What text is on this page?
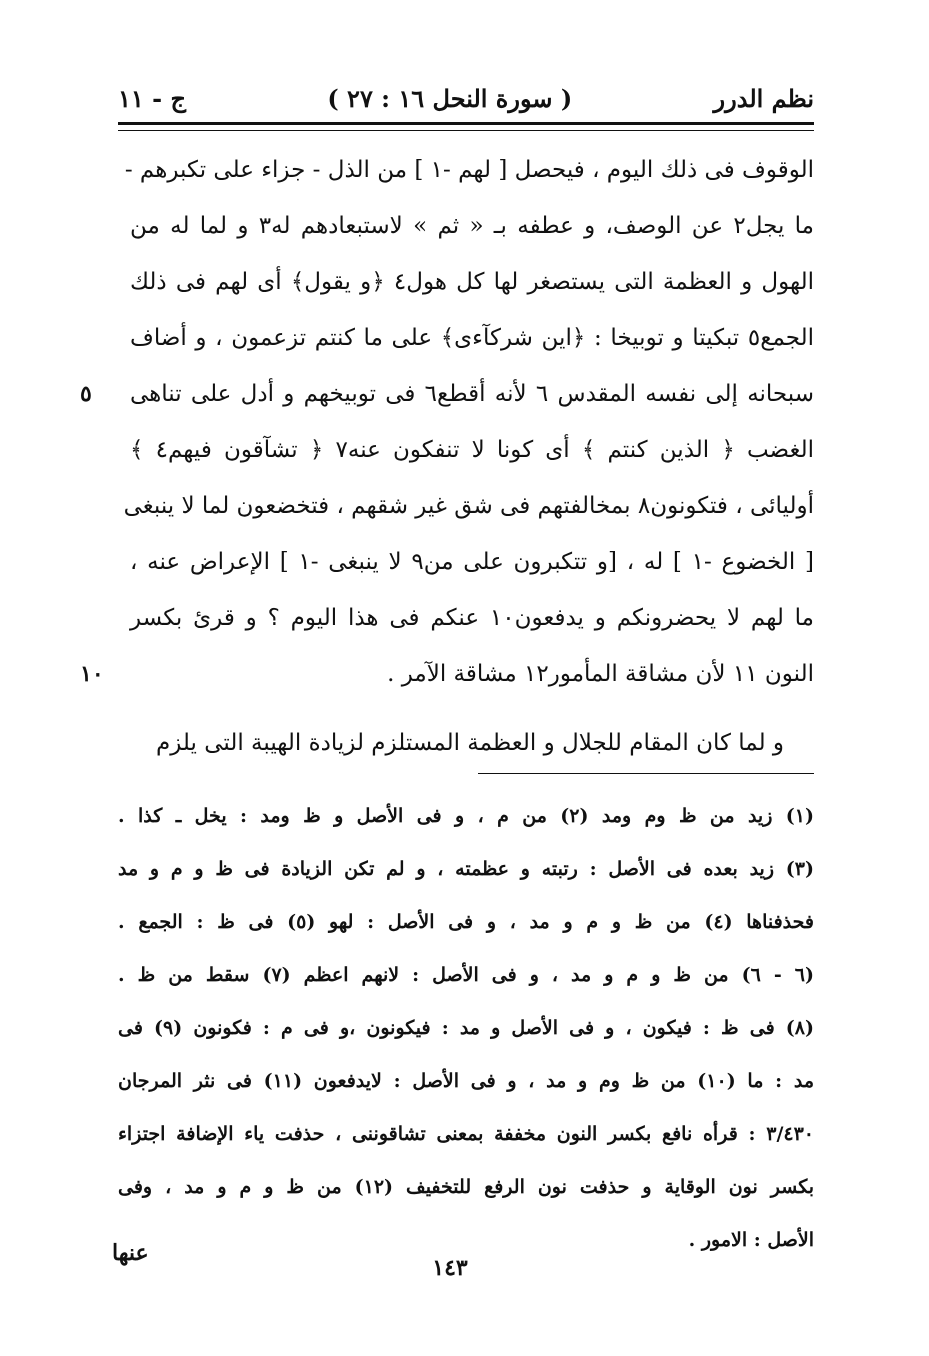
نظم الدرر
( سورة النحل ١٦ : ٢٧ )
ج - ١١
الوقوف فى ذلك اليوم ، فيحصل [ لهم -١ ] من الذل - جزاء على تكبرهم -
ما يجل٢ عن الوصف، و عطفه بـ « ثم » لاستبعادهم له٣ و لما له من
الهول و العظمة التى يستصغر لها كل هول٤ ﴿و يقول﴾ أى لهم فى ذلك
الجمع٥ تبكيتا و توبيخا : ﴿اين شركآءى﴾ على ما كنتم تزعمون ، و أضاف
سبحانه إلى نفسه المقدس ٦ لأنه أقطع٦ فى توبيخهم و أدل على تناهى
٥
الغضب ﴿ الذين كنتم ﴾ أى كونا لا تنفكون عنه٧ ﴿ تشآقون فيهم٤ ﴾
أوليائى ، فتكونون٨ بمخالفتهم فى شق غير شقهم ، فتخضعون لما لا ينبغى
[ الخضوع -١ ] له ، [و تتكبرون على من٩ لا ينبغى -١ ] الإعراض عنه ،
ما لهم لا يحضرونكم و يدفعون١٠ عنكم فى هذا اليوم ؟ و قرئ بكسر
النون ١١ لأن مشاقة المأمور١٢ مشاقة الآمر .
١٠
و لما كان المقام للجلال و العظمة المستلزم لزيادة الهيبة التى يلزم
(١) زيد من ظ وم ومد (٢) من م ، و فى الأصل و ظ ومد : يخل ـ كذا .
(٣) زيد بعده فى الأصل : رتبته و عظمته ، و لم تكن الزيادة فى ظ و م و مد
فحذفناها (٤) من ظ و م و مد ، و فى الأصل : لهو (٥) فى ظ : الجمع .
(٦ - ٦) من ظ و م و مد ، و فى الأصل : لانهم اعظم (٧) سقط من ظ .
(٨) فى ظ : فيكون ، و فى الأصل و مد : فيكونون ،و فى م : فكونون (٩) فى
مد : ما (١٠) من ظ وم و مد ، و فى الأصل : لايدفعون (١١) فى نثر المرجان
٣/٤٣٠ : قرأه نافع بكسر النون مخففة بمعنى تشاقوننى ، حذفت ياء الإضافة اجتزاء
بكسر نون الوقاية و حذفت نون الرفع للتخفيف (١٢) من ظ و م و مد ، وفى
الأصل : الامور .
١٤٣
عنها
